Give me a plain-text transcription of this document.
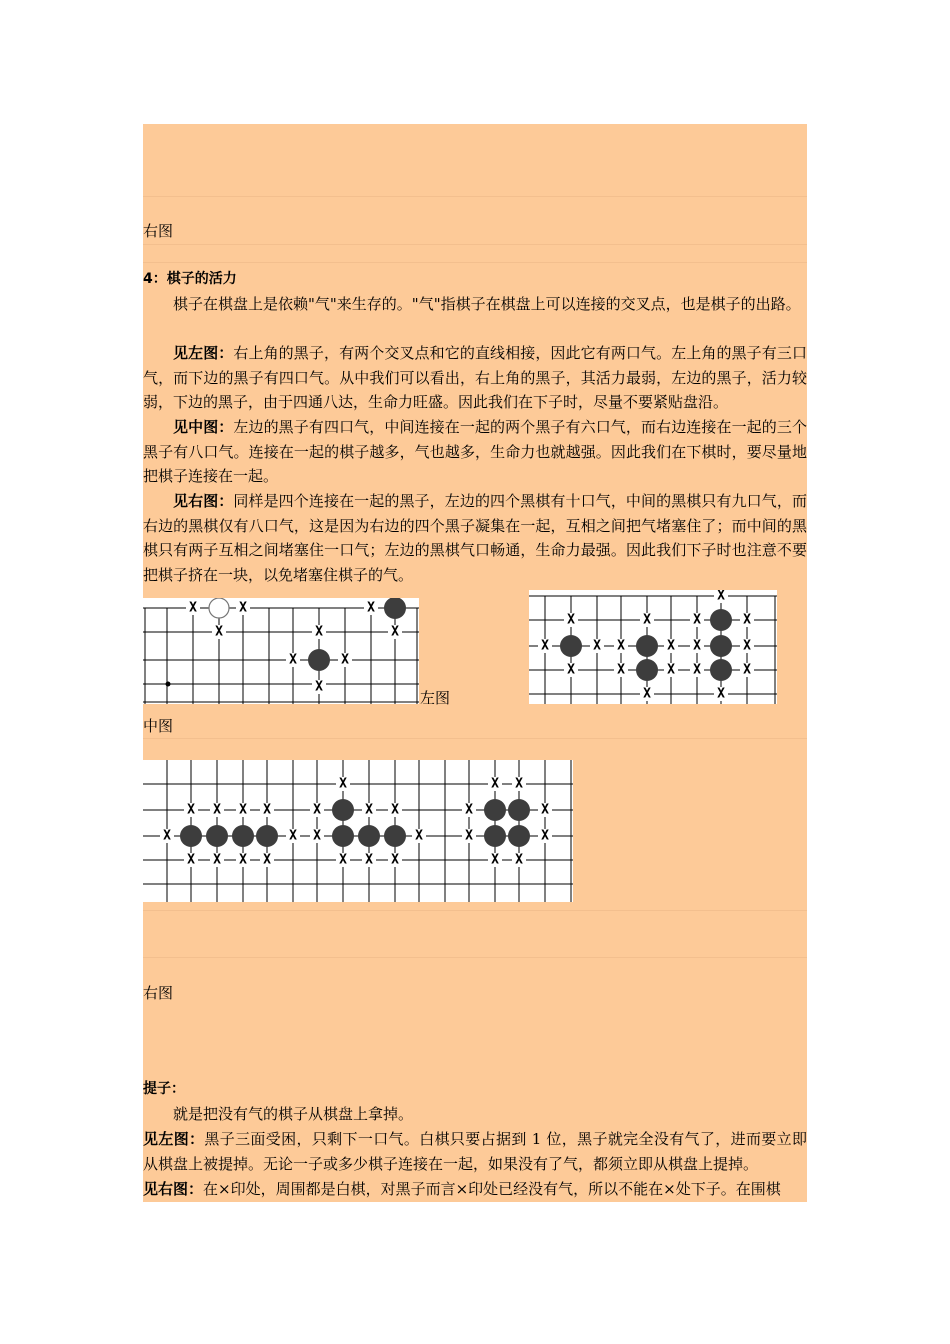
右图
4：棋子的活力
棋子在棋盘上是依赖"气"来生存的。"气"指棋子在棋盘上可以连接的交叉点，也是棋子的出路。
见左图：右上角的黑子，有两个交叉点和它的直线相接，因此它有两口气。左上角的黑子有三口气，而下边的黑子有四口气。从中我们可以看出，右上角的黑子，其活力最弱，左边的黑子，活力较弱，下边的黑子，由于四通八达，生命力旺盛。因此我们在下子时，尽量不要紧贴盘沿。
见中图：左边的黑子有四口气，中间连接在一起的两个黑子有六口气，而右边连接在一起的三个黑子有八口气。连接在一起的棋子越多，气也越多，生命力也就越强。因此我们在下棋时，要尽量地把棋子连接在一起。
见右图：同样是四个连接在一起的黑子，左边的四个黑棋有十口气，中间的黑棋只有九口气，而右边的黑棋仅有八口气，这是因为右边的四个黑子凝集在一起，互相之间把气堵塞住了；而中间的黑棋只有两子互相之间堵塞住一口气；左边的黑棋气口畅通，生命力最强。因此我们下子时也注意不要把棋子挤在一块，以免堵塞住棋子的气。
X	X
X
X
X
X
X	X
X
左图
X
X	X
X
X
X	X
X	X
X
X
X	X
X	X
X	X
X
中图
X X X X
X	X
X X X X
X
X	X X
X	X
X X X
X X
X	X
X	X
X X
右图
提子：
就是把没有气的棋子从棋盘上拿掉。
见左图：黑子三面受困，只剩下一口气。白棋只要占据到 1 位，黑子就完全没有气了，进而要立即从棋盘上被提掉。无论一子或多少棋子连接在一起，如果没有了气，都须立即从棋盘上提掉。
见右图：在×印处，周围都是白棋，对黑子而言×印处已经没有气，所以不能在×处下子。在围棋
